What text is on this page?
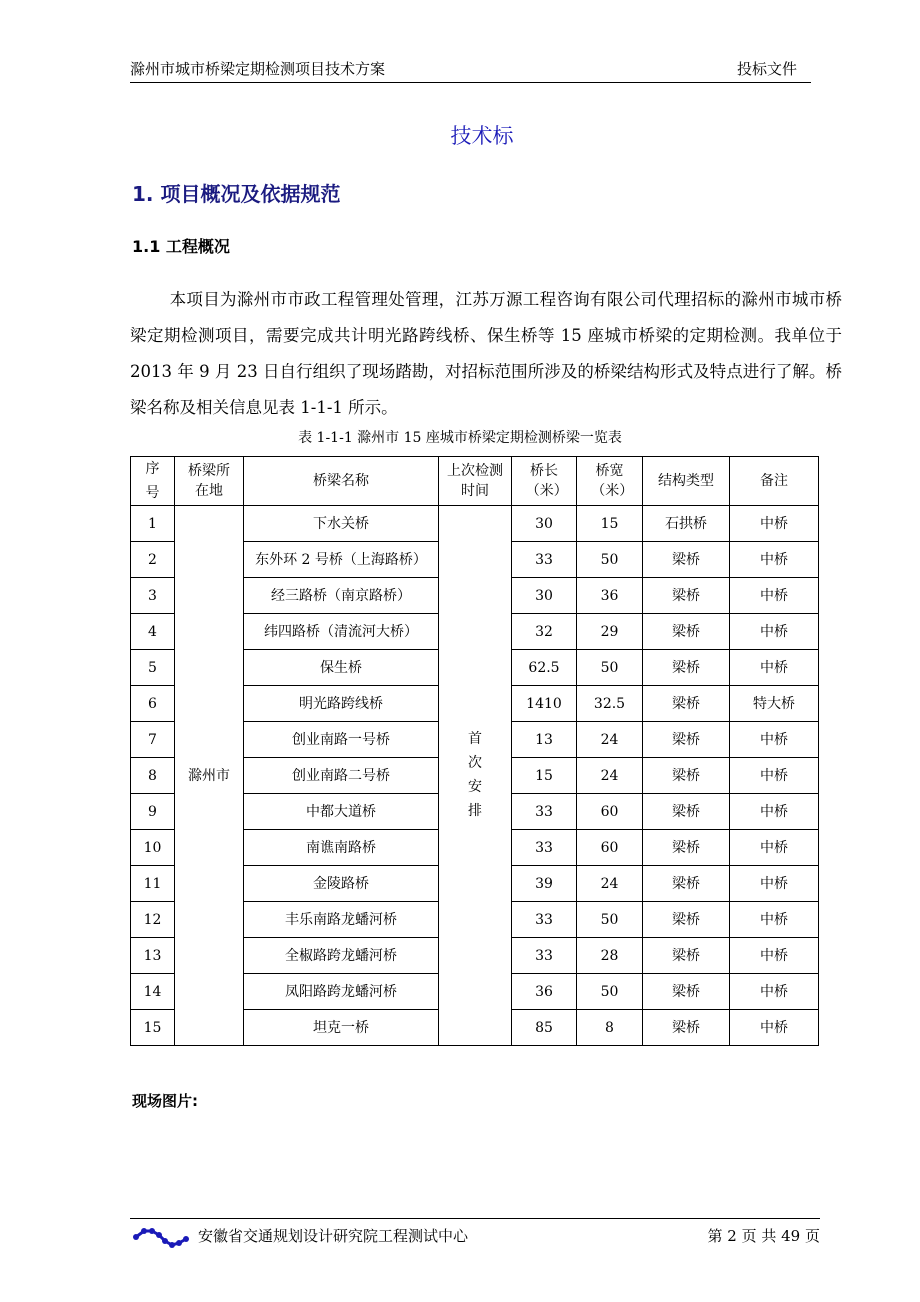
滁州市城市桥梁定期检测项目技术方案	投标文件
技术标
1. 项目概况及依据规范
1.1 工程概况
本项目为滁州市市政工程管理处管理，江苏万源工程咨询有限公司代理招标的滁州市城市桥梁定期检测项目，需要完成共计明光路跨线桥、保生桥等 15 座城市桥梁的定期检测。我单位于 2013 年 9 月 23 日自行组织了现场踏勘，对招标范围所涉及的桥梁结构形式及特点进行了解。桥梁名称及相关信息见表 1-1-1 所示。
表 1-1-1 滁州市 15 座城市桥梁定期检测桥梁一览表
序号	桥梁所在地	桥梁名称	上次检测时间	桥长（米）	桥宽（米）	结构类型	备注
1	滁州市	下水关桥	首次安排	30	15	石拱桥	中桥
2		东外环 2 号桥（上海路桥）		33	50	梁桥	中桥
3		经三路桥（南京路桥）		30	36	梁桥	中桥
4		纬四路桥（清流河大桥）		32	29	梁桥	中桥
5		保生桥		62.5	50	梁桥	中桥
6		明光路跨线桥		1410	32.5	梁桥	特大桥
7		创业南路一号桥		13	24	梁桥	中桥
8		创业南路二号桥		15	24	梁桥	中桥
9		中都大道桥		33	60	梁桥	中桥
10		南谯南路桥		33	60	梁桥	中桥
11		金陵路桥		39	24	梁桥	中桥
12		丰乐南路龙蟠河桥		33	50	梁桥	中桥
13		全椒路跨龙蟠河桥		33	28	梁桥	中桥
14		凤阳路跨龙蟠河桥		36	50	梁桥	中桥
15		坦克一桥		85	8	梁桥	中桥
现场图片:
安徽省交通规划设计研究院工程测试中心	第 2 页 共 49 页
